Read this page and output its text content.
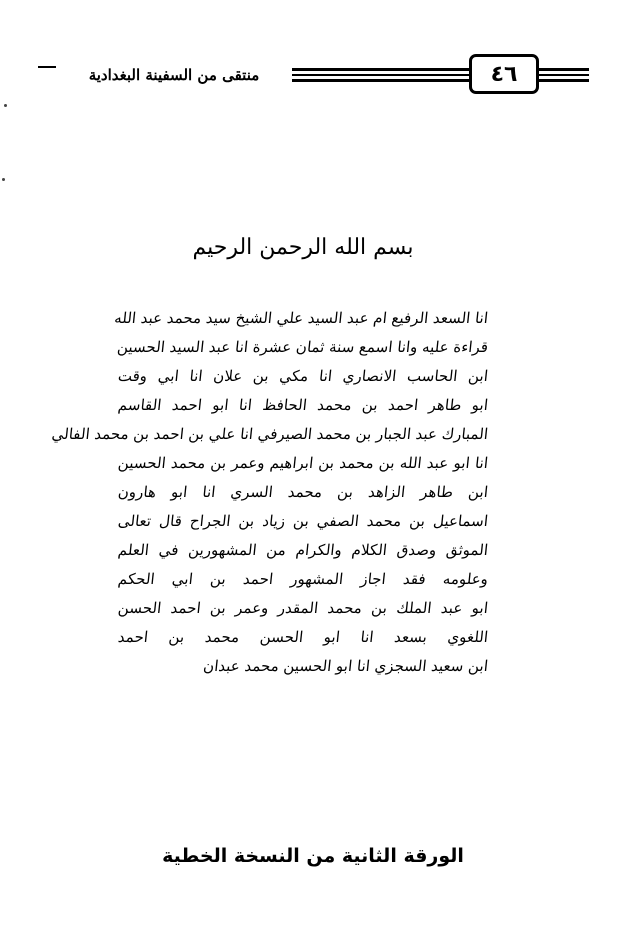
منتقى من السفينة البغدادية	٤٦
بسم الله الرحمن الرحيم
انا السعد الرفيع ام عبد السيد علي الشيخ سيد محمد عبد الله
قراءة عليه وانا اسمع سنة ثمان عشرة انا عبد السيد الحسين
ابن الحاسب الانصاري انا مكي بن علان انا ابي وقت
ابو طاهر احمد بن محمد الحافظ انا ابو احمد القاسم
المبارك عبد الجبار بن محمد الصيرفي انا علي بن احمد بن محمد الفالي
انا ابو عبد الله بن محمد بن ابراهيم وعمر بن محمد الحسين
ابن طاهر الزاهد بن محمد السري انا ابو هارون
اسماعيل بن محمد الصفي بن زياد بن الجراح قال تعالى
الموثق وصدق الكلام والكرام من المشهورين في العلم
وعلومه فقد اجاز المشهور احمد بن ابي الحكم
ابو عبد الملك بن محمد المقدر وعمر بن احمد الحسن
اللغوي بسعد انا ابو الحسن محمد بن احمد
ابن سعيد السجزي انا ابو الحسين محمد عبدان
الورقة الثانية من النسخة الخطية
